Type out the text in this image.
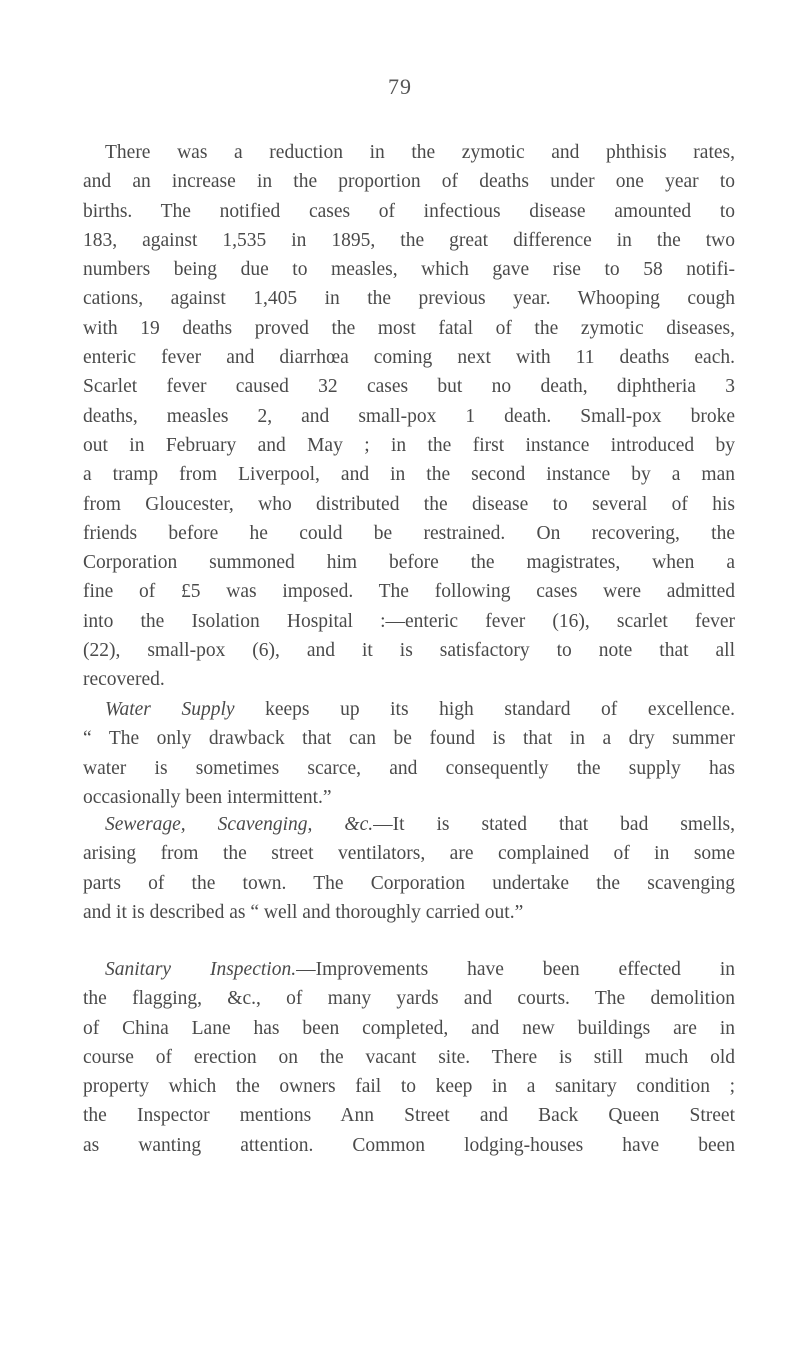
79
There was a reduction in the zymotic and phthisis rates,
and an increase in the proportion of deaths under one year to
births. The notified cases of infectious disease amounted to
183, against 1,535 in 1895, the great difference in the two
numbers being due to measles, which gave rise to 58 notifi-
cations, against 1,405 in the previous year. Whooping cough
with 19 deaths proved the most fatal of the zymotic diseases,
enteric fever and diarrhœa coming next with 11 deaths each.
Scarlet fever caused 32 cases but no death, diphtheria 3
deaths, measles 2, and small-pox 1 death. Small-pox broke
out in February and May ; in the first instance introduced by
a tramp from Liverpool, and in the second instance by a man
from Gloucester, who distributed the disease to several of his
friends before he could be restrained. On recovering, the
Corporation summoned him before the magistrates, when a
fine of £5 was imposed. The following cases were admitted
into the Isolation Hospital :—enteric fever (16), scarlet fever
(22), small-pox (6), and it is satisfactory to note that all
recovered.
Water Supply keeps up its high standard of excellence.
“ The only drawback that can be found is that in a dry summer
water is sometimes scarce, and consequently the supply has
occasionally been intermittent.”
Sewerage, Scavenging, &c.—It is stated that bad smells,
arising from the street ventilators, are complained of in some
parts of the town. The Corporation undertake the scavenging
and it is described as “ well and thoroughly carried out.”
Sanitary Inspection.—Improvements have been effected in
the flagging, &c., of many yards and courts. The demolition
of China Lane has been completed, and new buildings are in
course of erection on the vacant site. There is still much old
property which the owners fail to keep in a sanitary condition ;
the Inspector mentions Ann Street and Back Queen Street
as wanting attention. Common lodging-houses have been
